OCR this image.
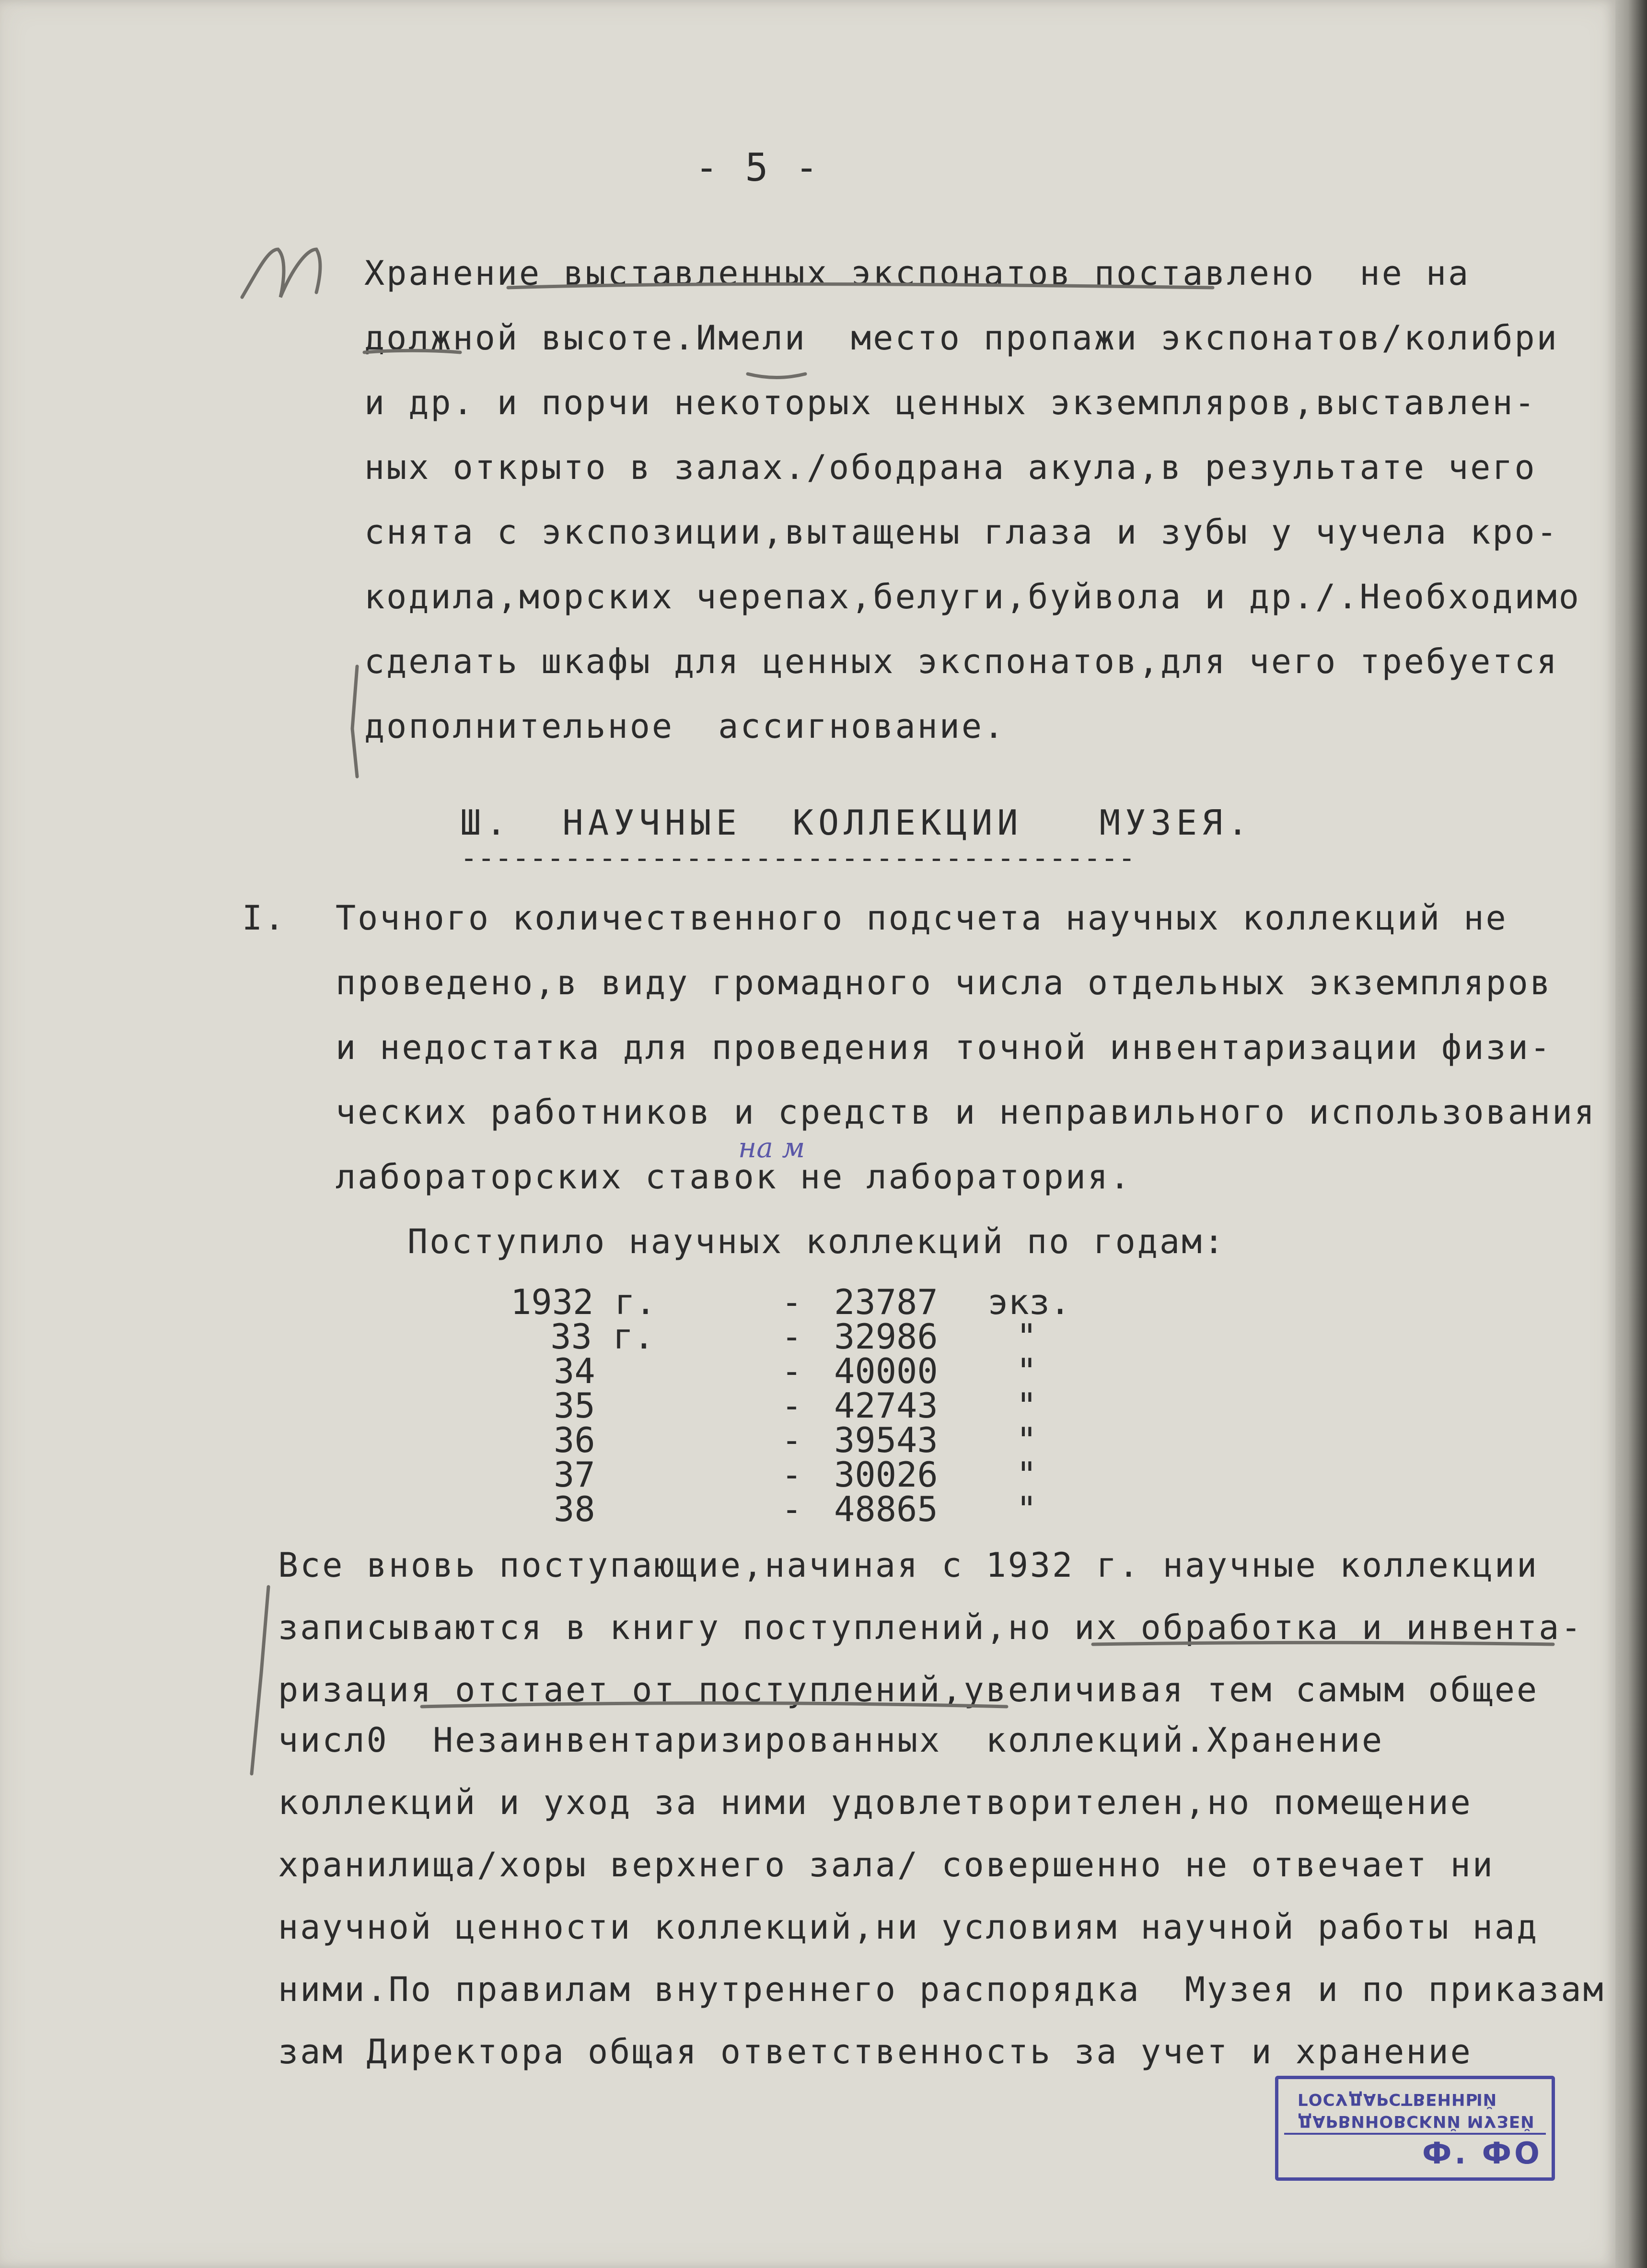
- 5 -
Хранение выставленных экспонатов поставлено  не на
должной высоте.Имели  место пропажи экспонатов/колибри
и др. и порчи некоторых ценных экземпляров,выставлен-
ных открыто в залах./ободрана акула,в результате чего
снята с экспозиции,вытащены глаза и зубы у чучела кро-
кодила,морских черепах,белуги,буйвола и др./.Необходимо
сделать шкафы для ценных экспонатов,для чего требуется
дополнительное  ассигнование.
Ш.  НАУЧНЫЕ  КОЛЛЕКЦИИ   МУЗЕЯ.
---------------------------------------
I. Точного количественного подсчета научных коллекций не
проведено,в виду громадного числа отдельных экземпляров
и недостатка для проведения точной инвентаризации физи-
ческих работников и средств и неправильного использования
лабораторских ставок не лаборатория.
на м
Поступило научных коллекций по годам:
1932 г.	- 23787 экз.
33 г.	- 32986 "
34	- 40000 "
35	- 42743 "
36	- 39543 "
37	- 30026 "
38	- 48865 "
Все вновь поступающие,начиная с 1932 г. научные коллекции
записываются в книгу поступлений,но их обработка и инвента-
ризация отстает от поступлений,увеличивая тем самым общее
числ0  Незаинвентаризированных  коллекций.Хранение
коллекций и уход за ними удовлетворителен,но помещение
хранилища/хоры верхнего зала/ совершенно не отвечает ни
научной ценности коллекций,ни условиям научной работы над
ними.По правилам внутреннего распорядка  Музея и по приказам
зам Директора общая ответственность за учет и хранение
ГОСУДАРСТВЕННЫЙ
ДАРВИНОВСКИЙ МУЗЕЙ
Ф. ФО
